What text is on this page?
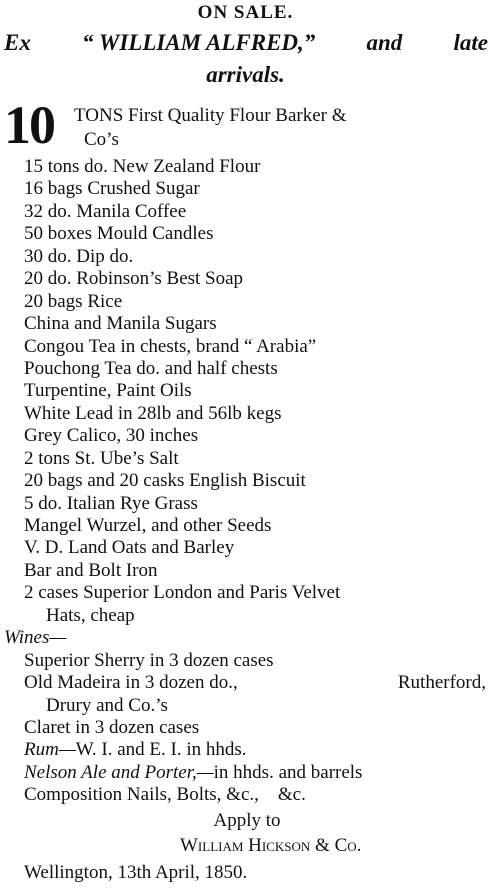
ON SALE.
Ex “ WILLIAM ALFRED,” and late
arrivals.
10 TONS First Quality Flour Barker &
Co’s
15 tons do. New Zealand Flour
16 bags Crushed Sugar
32 do. Manila Coffee
50 boxes Mould Candles
30 do. Dip do.
20 do. Robinson’s Best Soap
20 bags Rice
China and Manila Sugars
Congou Tea in chests, brand “ Arabia”
Pouchong Tea do. and half chests
Turpentine, Paint Oils
White Lead in 28lb and 56lb kegs
Grey Calico, 30 inches
2 tons St. Ube’s Salt
20 bags and 20 casks English Biscuit
5 do. Italian Rye Grass
Mangel Wurzel, and other Seeds
V. D. Land Oats and Barley
Bar and Bolt Iron
2 cases Superior London and Paris Velvet
Hats, cheap
Wines—
Superior Sherry in 3 dozen cases
Old Madeira in 3 dozen do.,	Rutherford,
Drury and Co.’s
Claret in 3 dozen cases
Rum—W. I. and E. I. in hhds.
Nelson Ale and Porter,—in hhds. and barrels
Composition Nails, Bolts, &c., &c.
Apply to
William Hickson & Co.
Wellington, 13th April, 1850.
